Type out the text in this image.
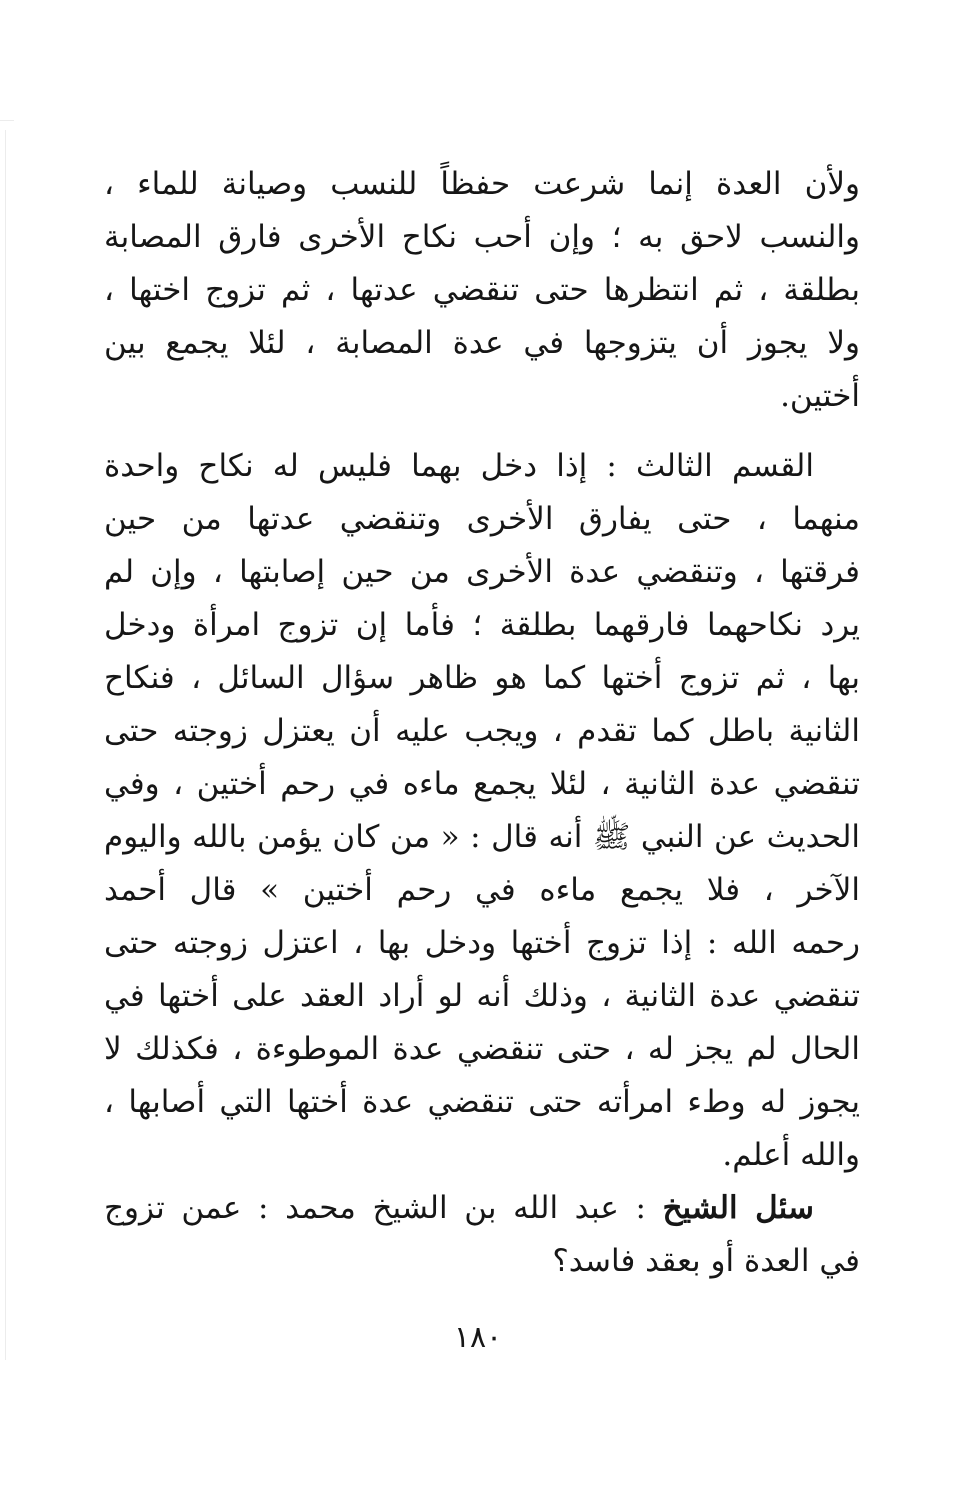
ولأن العدة إنما شرعت حفظاً للنسب وصيانة للماء ،
والنسب لاحق به ؛ وإن أحب نكاح الأخرى فارق المصابة
بطلقة ، ثم انتظرها حتى تنقضي عدتها ، ثم تزوج اختها ،
ولا يجوز أن يتزوجها في عدة المصابة ، لئلا يجمع بين
أختين.
القسم الثالث : إذا دخل بهما فليس له نكاح واحدة
منهما ، حتى يفارق الأخرى وتنقضي عدتها من حين
فرقتها ، وتنقضي عدة الأخرى من حين إصابتها ، وإن لم
يرد نكاحهما فارقهما بطلقة ؛ فأما إن تزوج امرأة ودخل
بها ، ثم تزوج أختها كما هو ظاهر سؤال السائل ، فنكاح
الثانية باطل كما تقدم ، ويجب عليه أن يعتزل زوجته حتى
تنقضي عدة الثانية ، لئلا يجمع ماءه في رحم أختين ، وفي
الحديث عن النبي ﷺ أنه قال : « من كان يؤمن بالله واليوم
الآخر ، فلا يجمع ماءه في رحم أختين » قال أحمد
رحمه الله : إذا تزوج أختها ودخل بها ، اعتزل زوجته حتى
تنقضي عدة الثانية ، وذلك أنه لو أراد العقد على أختها في
الحال لم يجز له ، حتى تنقضي عدة الموطوءة ، فكذلك لا
يجوز له وطء امرأته حتى تنقضي عدة أختها التي أصابها ،
والله أعلم.
سئل الشيخ : عبد الله بن الشيخ محمد : عمن تزوج
في العدة أو بعقد فاسد؟
١٨٠
